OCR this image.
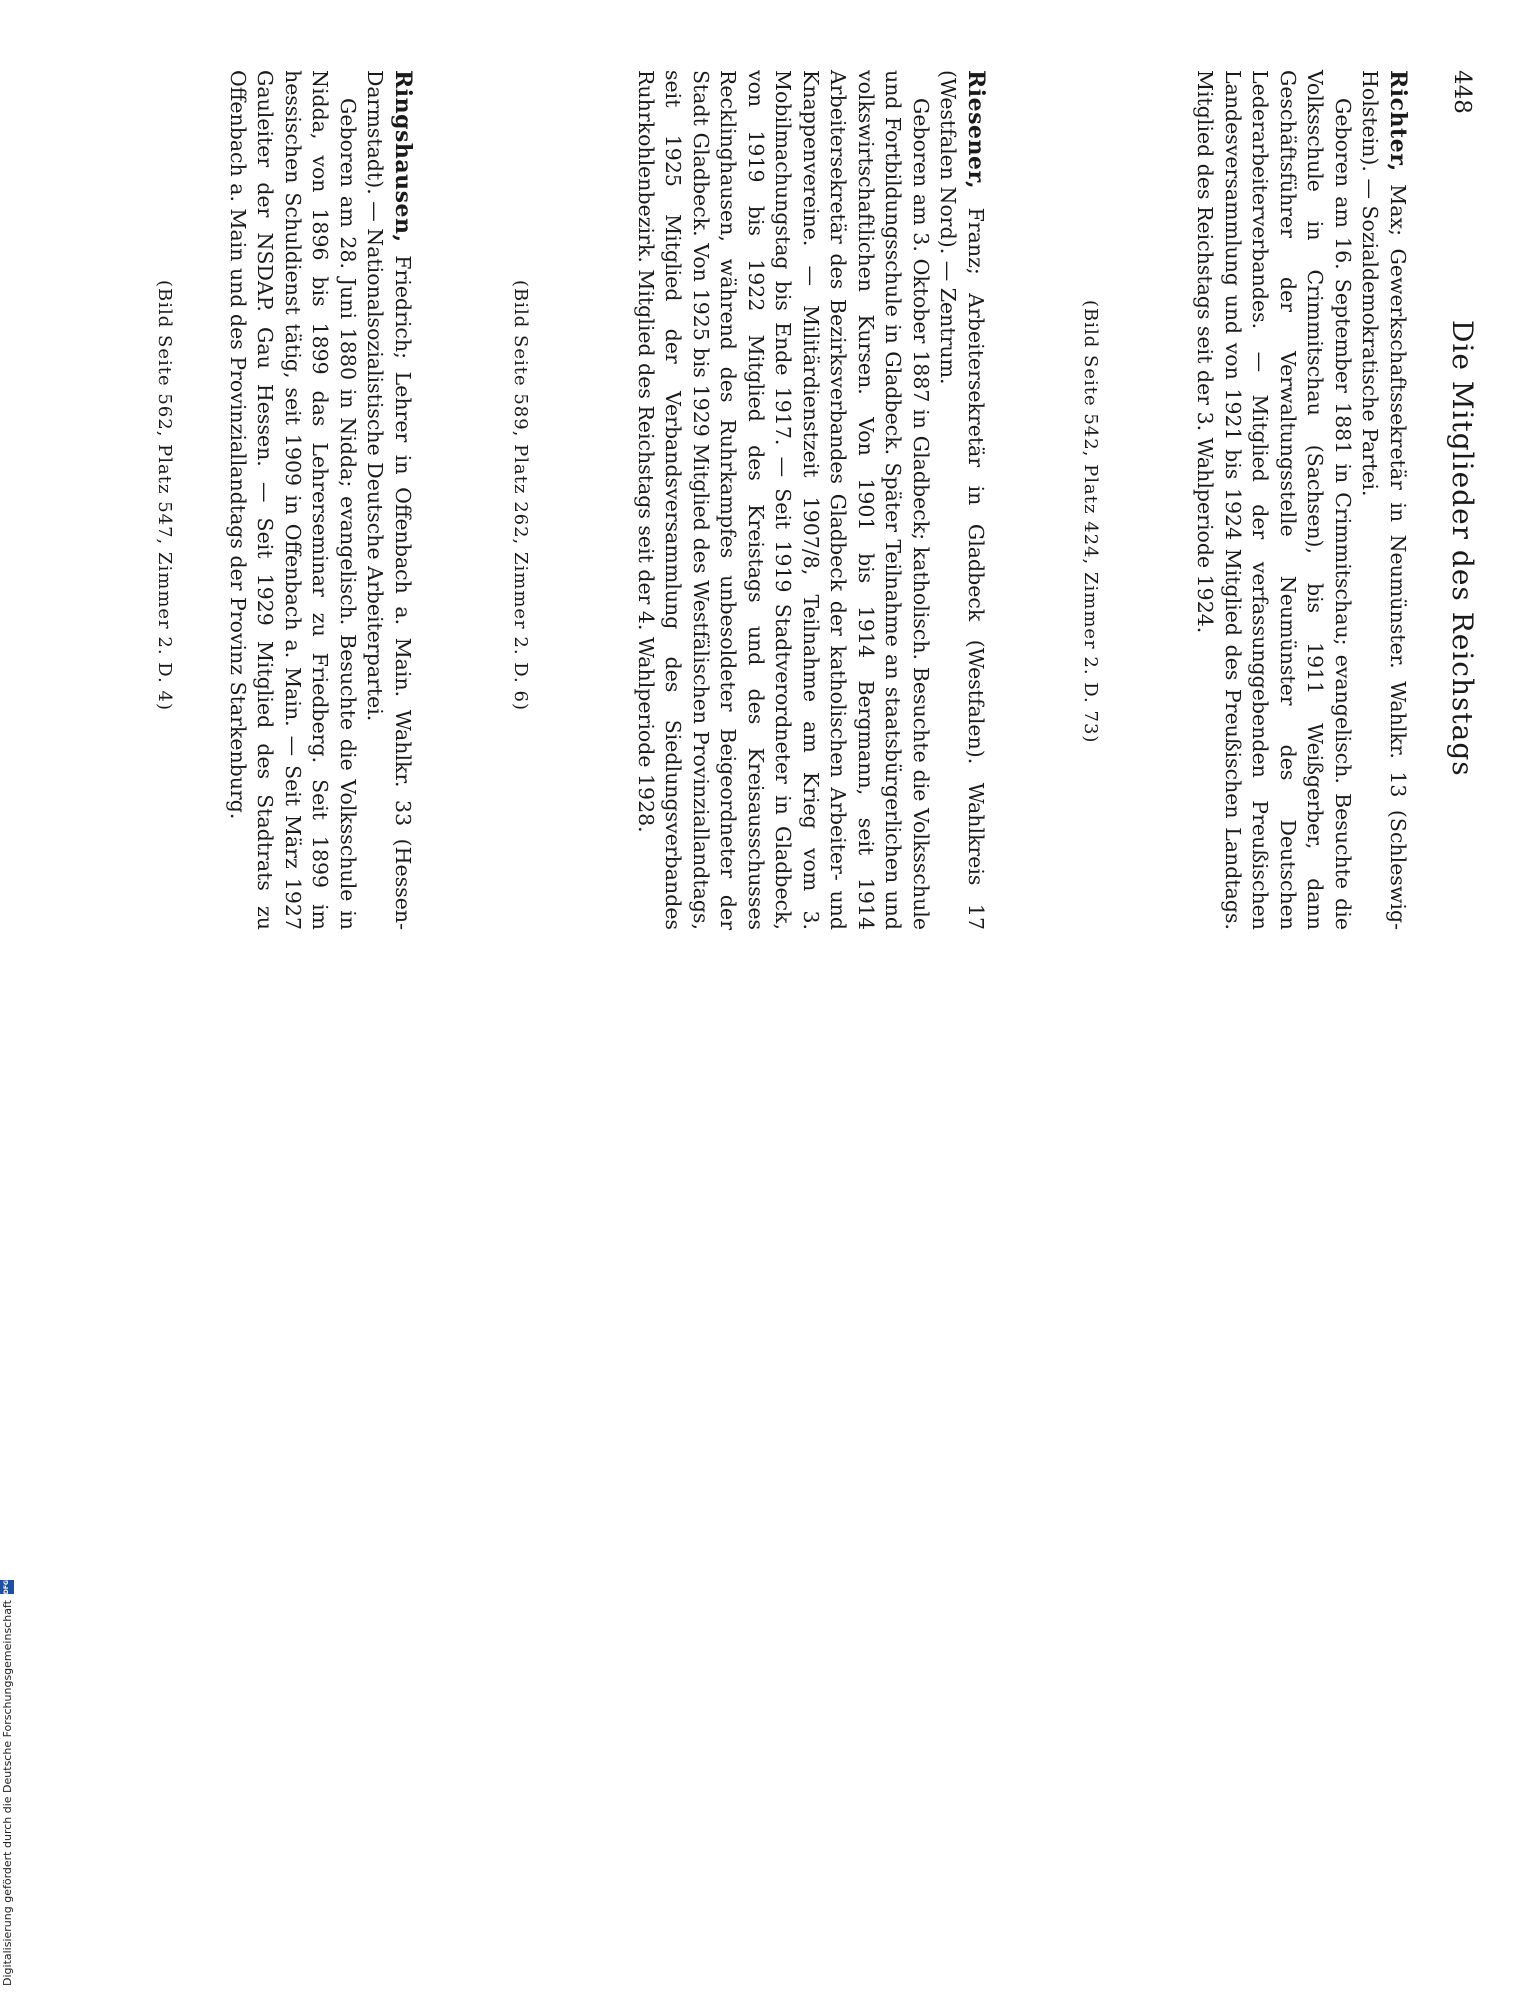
448
Die Mitglieder des Reichstags

Richter, Max; Gewerkschaftssekretär in Neumünster. Wahlkr. 13 (Schleswig-Holstein). — Sozialdemokratische Partei.

Geboren am 16. September 1881 in Crimmitschau; evangelisch. Besuchte die Volksschule in Crimmitschau (Sachsen), bis 1911 Weißgerber, dann Geschäftsführer der Verwaltungsstelle Neumünster des Deutschen Lederarbeiterverbandes. — Mitglied der verfassunggebenden Preußischen Landesversammlung und von 1921 bis 1924 Mitglied des Preußischen Landtags. Mitglied des Reichstags seit der 3. Wahlperiode 1924.

(Bild Seite 542, Platz 424, Zimmer 2. D. 73)

Riesener, Franz; Arbeitersekretär in Gladbeck (Westfalen). Wahlkreis 17 (Westfalen Nord). — Zentrum.

Geboren am 3. Oktober 1887 in Gladbeck; katholisch. Besuchte die Volksschule und Fortbildungsschule in Gladbeck. Später Teilnahme an staatsbürgerlichen und volkswirtschaftlichen Kursen. Von 1901 bis 1914 Bergmann, seit 1914 Arbeitersekretär des Bezirksverbandes Gladbeck der katholischen Arbeiter- und Knappenvereine. — Militärdienstzeit 1907/8, Teilnahme am Krieg vom 3. Mobilmachungstag bis Ende 1917. — Seit 1919 Stadtverordneter in Gladbeck, von 1919 bis 1922 Mitglied des Kreistags und des Kreisausschusses Recklinghausen, während des Ruhrkampfes unbesoldeter Beigeordneter der Stadt Gladbeck. Von 1925 bis 1929 Mitglied des Westfälischen Provinziallandtags, seit 1925 Mitglied der Verbandsversammlung des Siedlungsverbandes Ruhrkohlenbezirk. Mitglied des Reichstags seit der 4. Wahlperiode 1928.

(Bild Seite 589, Platz 262, Zimmer 2. D. 6)

Ringshausen, Friedrich; Lehrer in Offenbach a. Main. Wahlkr. 33 (Hessen-Darmstadt). — Nationalsozialistische Deutsche Arbeiterpartei.

Geboren am 28. Juni 1880 in Nidda; evangelisch. Besuchte die Volksschule in Nidda, von 1896 bis 1899 das Lehrerseminar zu Friedberg. Seit 1899 im hessischen Schuldienst tätig, seit 1909 in Offenbach a. Main. — Seit März 1927 Gauleiter der NSDAP. Gau Hessen. — Seit 1929 Mitglied des Stadtrats zu Offenbach a. Main und des Provinziallandtags der Provinz Starkenburg.

(Bild Seite 562, Platz 547, Zimmer 2. D. 4)
Digitalisierung gefördert durch die Deutsche Forschungsgemeinschaft
DFG
